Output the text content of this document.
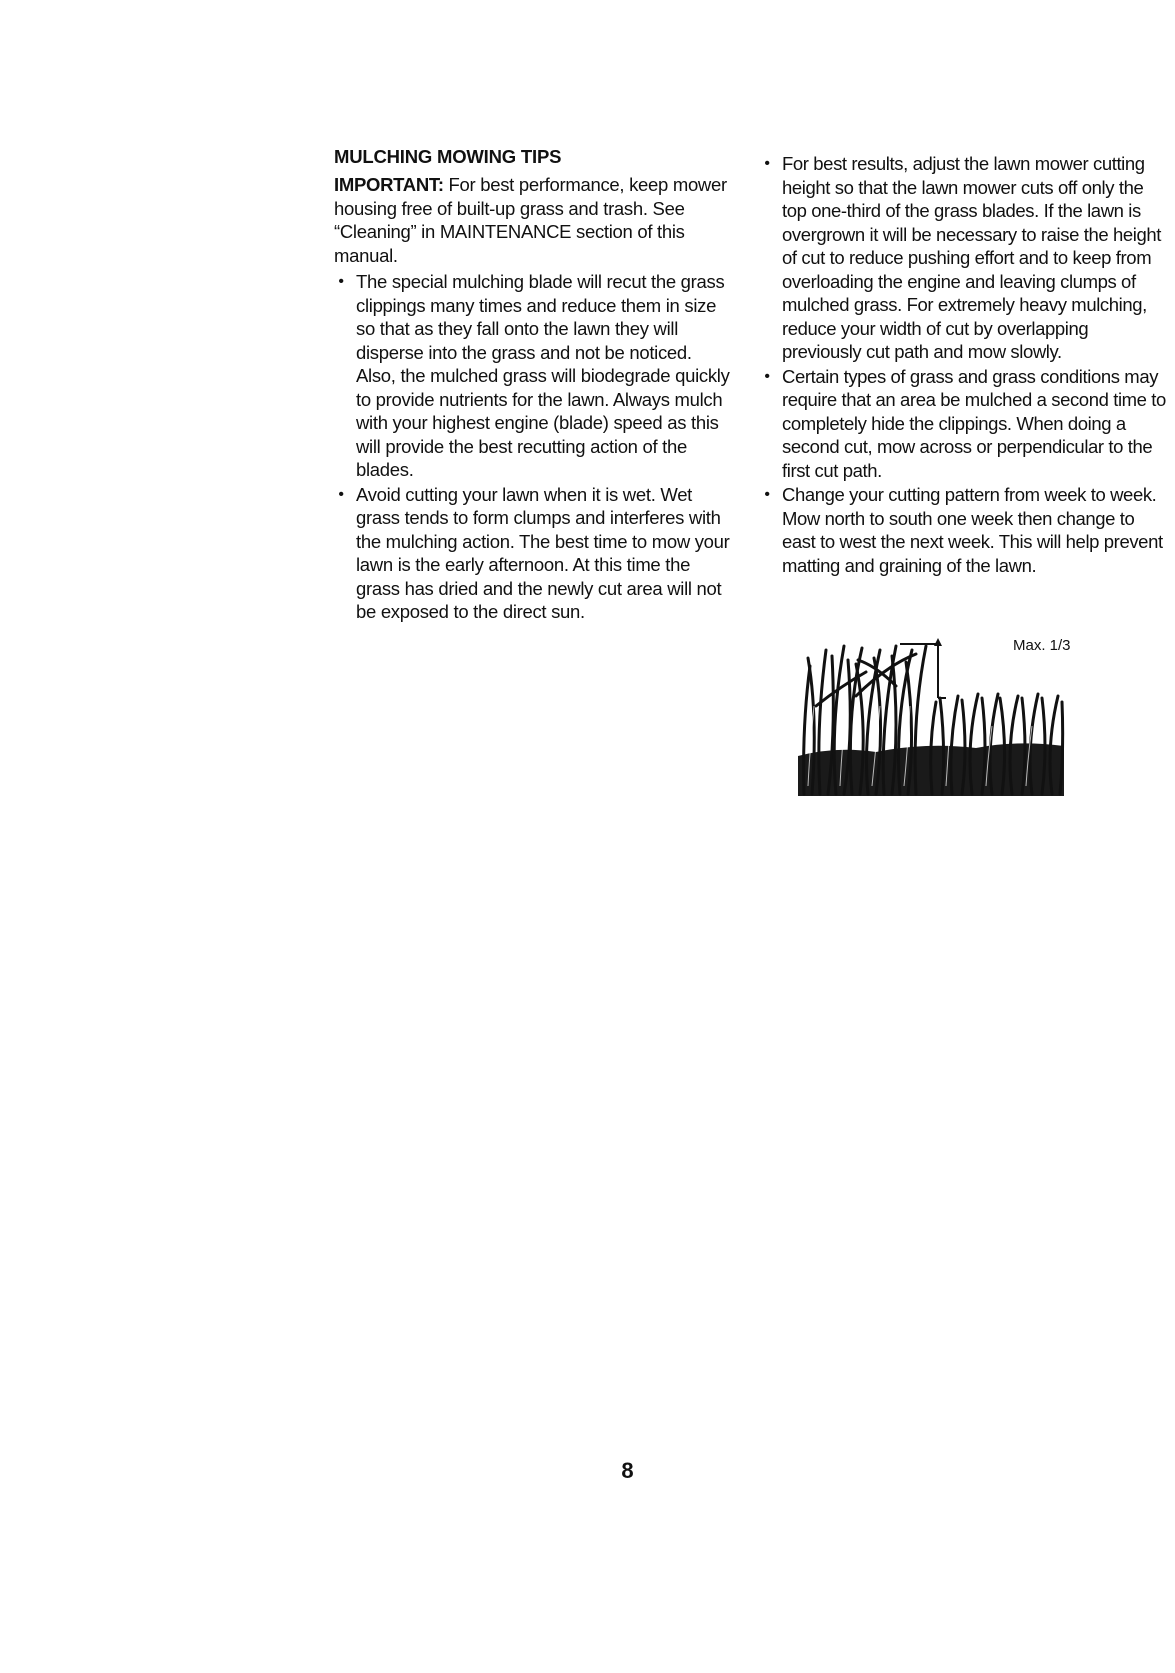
MULCHING MOWING TIPS

IMPORTANT: For best performance, keep mower housing free of built-up grass and trash. See “Cleaning” in MAINTENANCE section of this manual.

• The special mulching blade will recut the grass clippings many times and reduce them in size so that as they fall onto the lawn they will disperse into the grass and not be noticed. Also, the mulched grass will biodegrade quickly to provide nutrients for the lawn. Always mulch with your highest engine (blade) speed as this will provide the best recutting action of the blades.
• Avoid cutting your lawn when it is wet. Wet grass tends to form clumps and interferes with the mulching action. The best time to mow your lawn is the early afternoon. At this time the grass has dried and the newly cut area will not be exposed to the direct sun.
• For best results, adjust the lawn mower cutting height so that the lawn mower cuts off only the top one-third of the grass blades. If the lawn is overgrown it will be necessary to raise the height of cut to reduce pushing effort and to keep from overloading the engine and leaving clumps of mulched grass. For extremely heavy mulching, reduce your width of cut by overlapping previously cut path and mow slowly.
• Certain types of grass and grass conditions may require that an area be mulched a second time to completely hide the clippings. When doing a second cut, mow across or perpendicular to the first cut path.
• Change your cutting pattern from week to week. Mow north to south one week then change to east to west the next week. This will help prevent matting and graining of the lawn.
Max. 1/3
8
